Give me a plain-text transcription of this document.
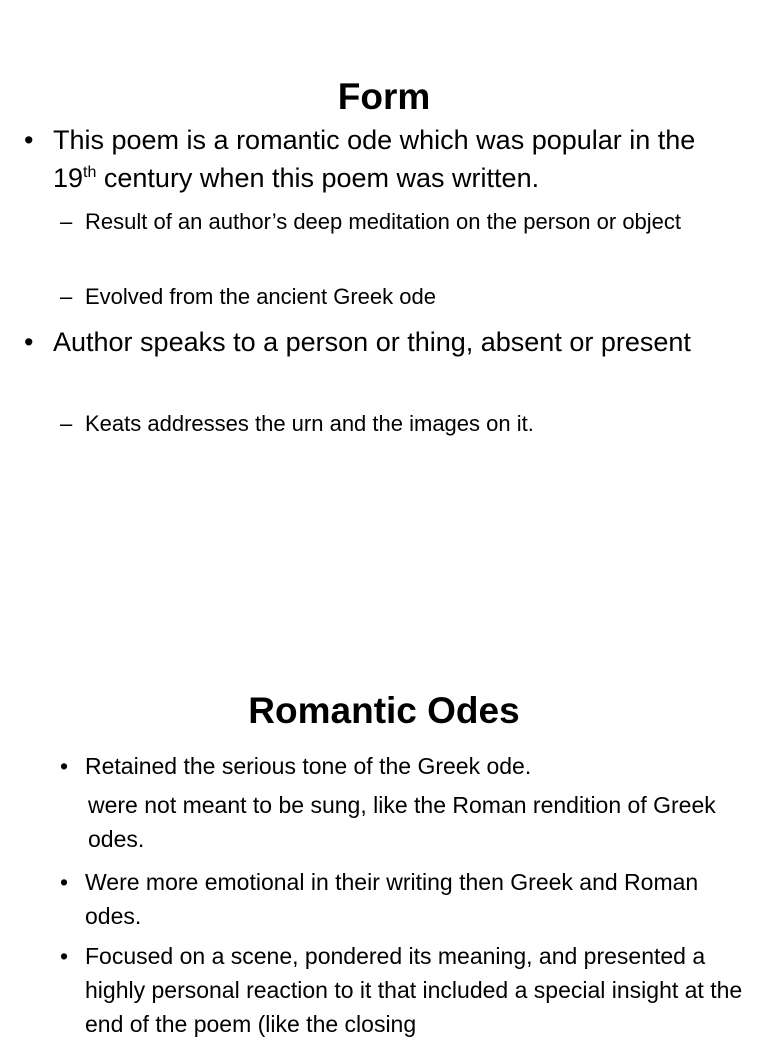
Form

• This poem is a romantic ode which was popular in the 19th century when this poem was written.

– Result of an author’s deep meditation on the person or object

– Evolved from the ancient Greek ode

• Author speaks to a person or thing, absent or present

– Keats addresses the urn and the images on it.

Romantic Odes

• Retained the serious tone of the Greek ode.

were not meant to be sung, like the Roman rendition of Greek odes.

• Were more emotional in their writing then Greek and Roman odes.

• Focused on a scene, pondered its meaning, and presented a highly personal reaction to it that included a special insight at the end of the poem (like the closing
